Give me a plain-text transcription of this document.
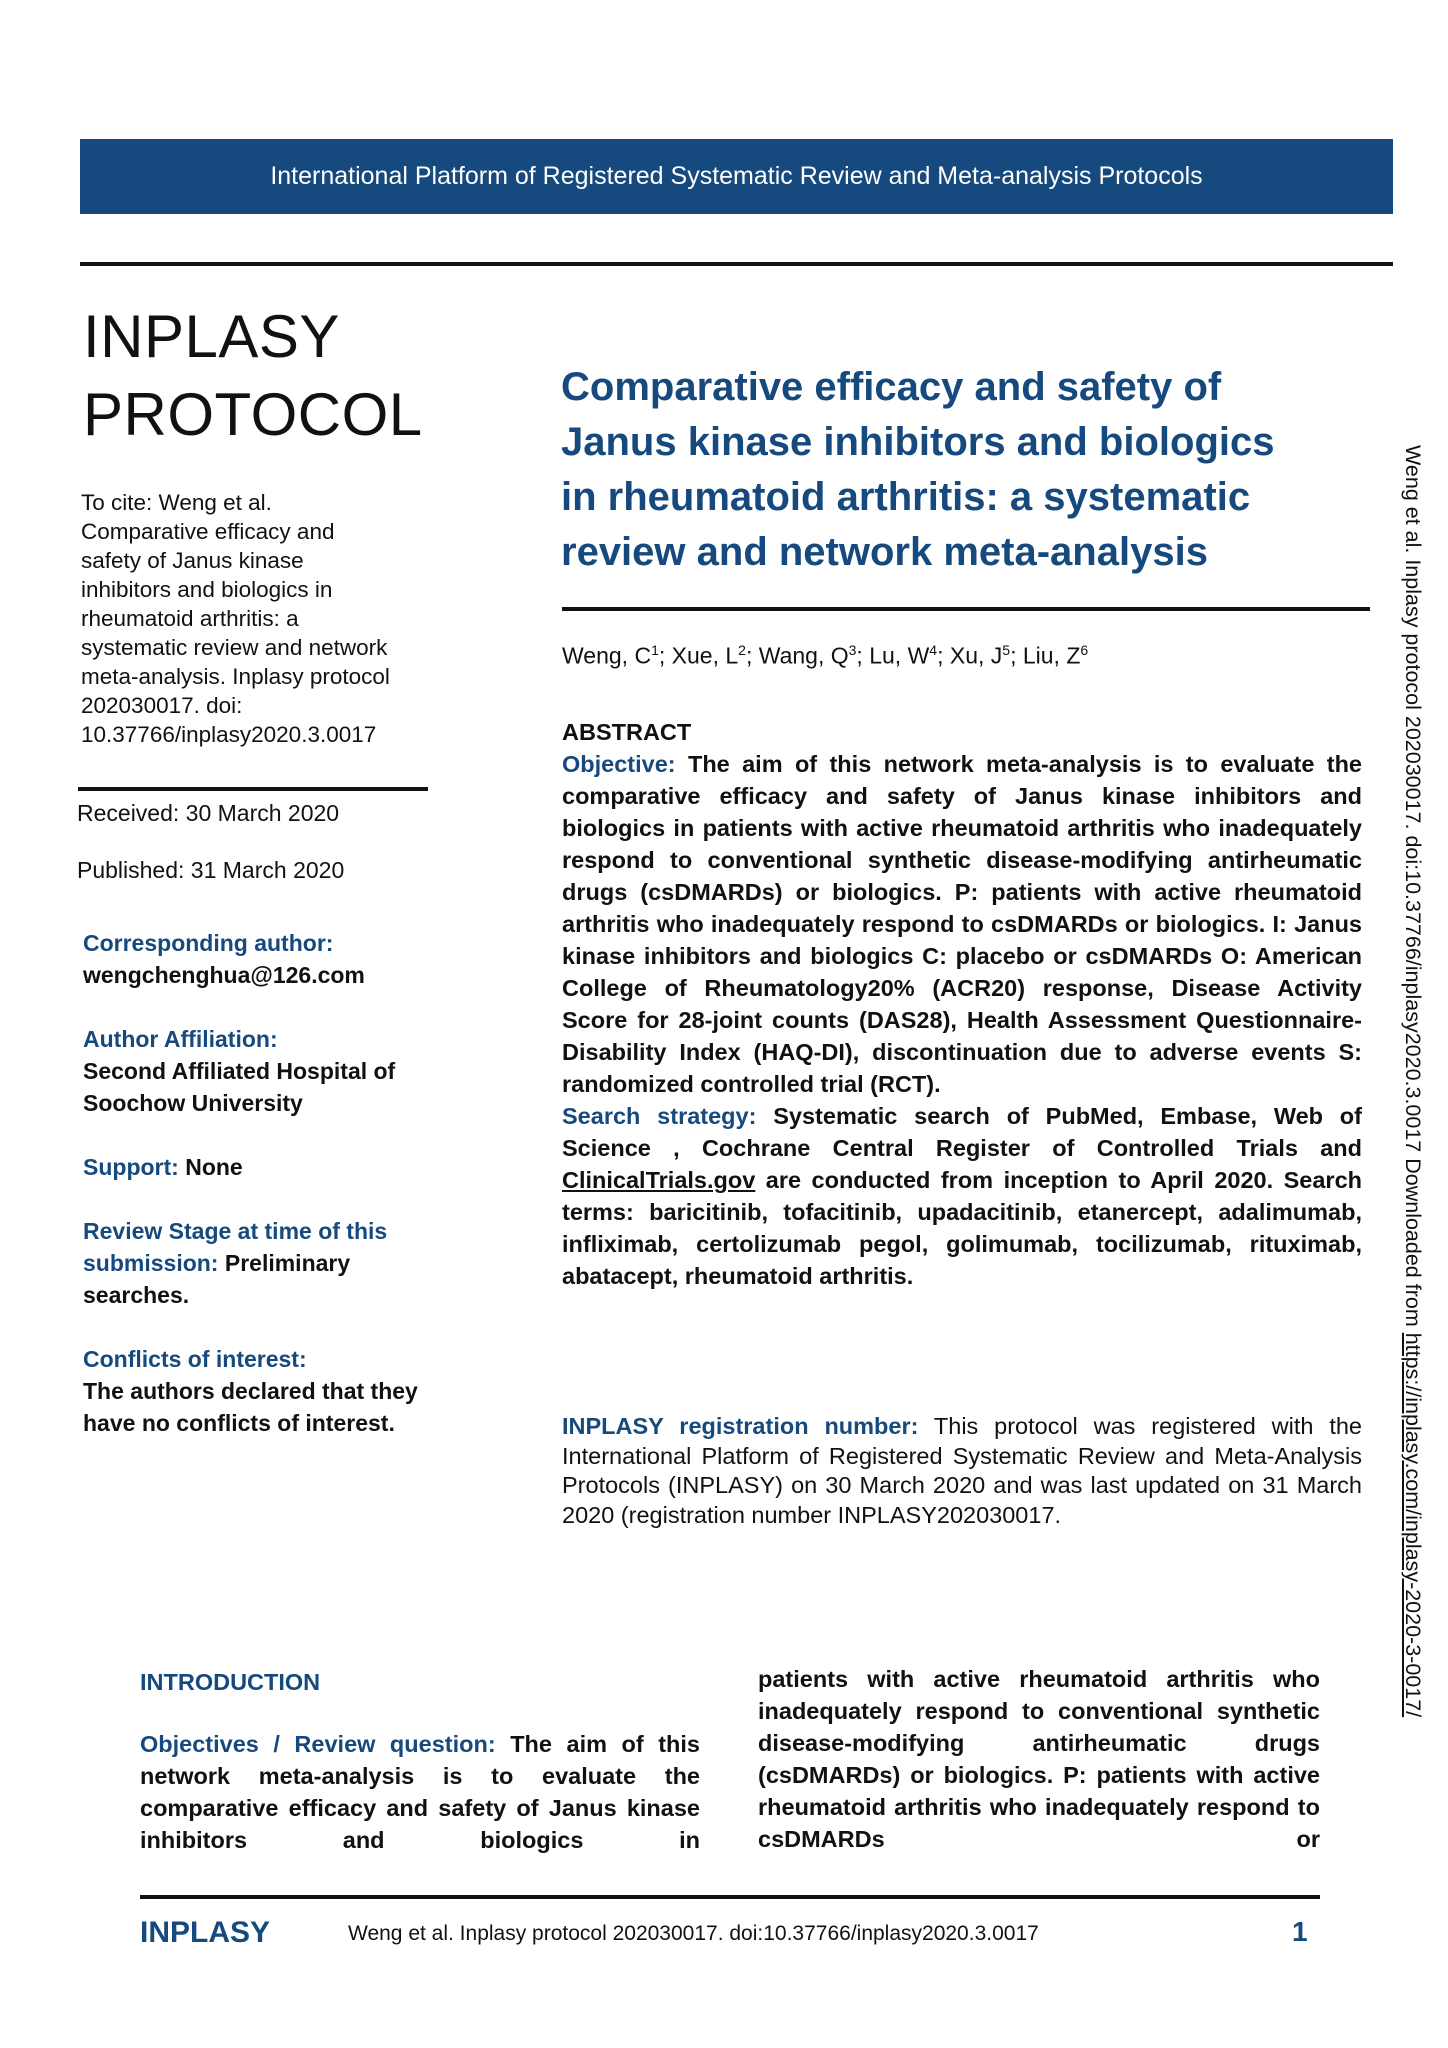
International Platform of Registered Systematic Review and Meta-analysis Protocols
INPLASY
PROTOCOL
To cite: Weng et al.
Comparative efficacy and
safety of Janus kinase
inhibitors and biologics in
rheumatoid arthritis: a
systematic review and network
meta-analysis. Inplasy protocol
202030017. doi:
10.37766/inplasy2020.3.0017
Received: 30 March 2020
Published: 31 March 2020
Corresponding author:
wengchenghua@126.com
Author Affiliation:
Second Affiliated Hospital of
Soochow University
Support: None
Review Stage at time of this
submission: Preliminary
searches.
Conflicts of interest:
The authors declared that they
have no conflicts of interest.
Comparative efficacy and safety of
Janus kinase inhibitors and biologics
in rheumatoid arthritis: a systematic
review and network meta-analysis
Weng, $C^1$; Xue, $L^2$; Wang, $Q^3$; Lu, $W^4$; Xu, $J^5$; Liu, $Z^6$
ABSTRACT
Objective: The aim of this network meta-analysis is to evaluate the comparative efficacy and safety of Janus kinase inhibitors and biologics in patients with active rheumatoid arthritis who inadequately respond to conventional synthetic disease-modifying antirheumatic drugs (csDMARDs) or biologics. P: patients with active rheumatoid arthritis who inadequately respond to csDMARDs or biologics. I: Janus kinase inhibitors and biologics C: placebo or csDMARDs O: American College of Rheumatology20% (ACR20) response, Disease Activity Score for 28-joint counts (DAS28), Health Assessment Questionnaire-Disability Index (HAQ-DI), discontinuation due to adverse events S: randomized controlled trial (RCT).
Search strategy: Systematic search of PubMed, Embase, Web of Science , Cochrane Central Register of Controlled Trials and ClinicalTrials.gov are conducted from inception to April 2020. Search terms: baricitinib, tofacitinib, upadacitinib, etanercept, adalimumab, infliximab, certolizumab pegol, golimumab, tocilizumab, rituximab, abatacept, rheumatoid arthritis.
INPLASY registration number: This protocol was registered with the International Platform of Registered Systematic Review and Meta-Analysis Protocols (INPLASY) on 30 March 2020 and was last updated on 31 March 2020 (registration number INPLASY202030017.
INTRODUCTION
Objectives / Review question: The aim of this network meta-analysis is to evaluate the comparative efficacy and safety of Janus kinase inhibitors and biologics in
patients with active rheumatoid arthritis who inadequately respond to conventional synthetic disease-modifying antirheumatic drugs (csDMARDs) or biologics. P: patients with active rheumatoid arthritis who inadequately respond to csDMARDs or
INPLASY	Weng et al. Inplasy protocol 202030017. doi:10.37766/inplasy2020.3.0017	1
Weng et al. Inplasy protocol 202030017. doi:10.37766/inplasy2020.3.0017 Downloaded from https://inplasy.com/inplasy-2020-3-0017/
